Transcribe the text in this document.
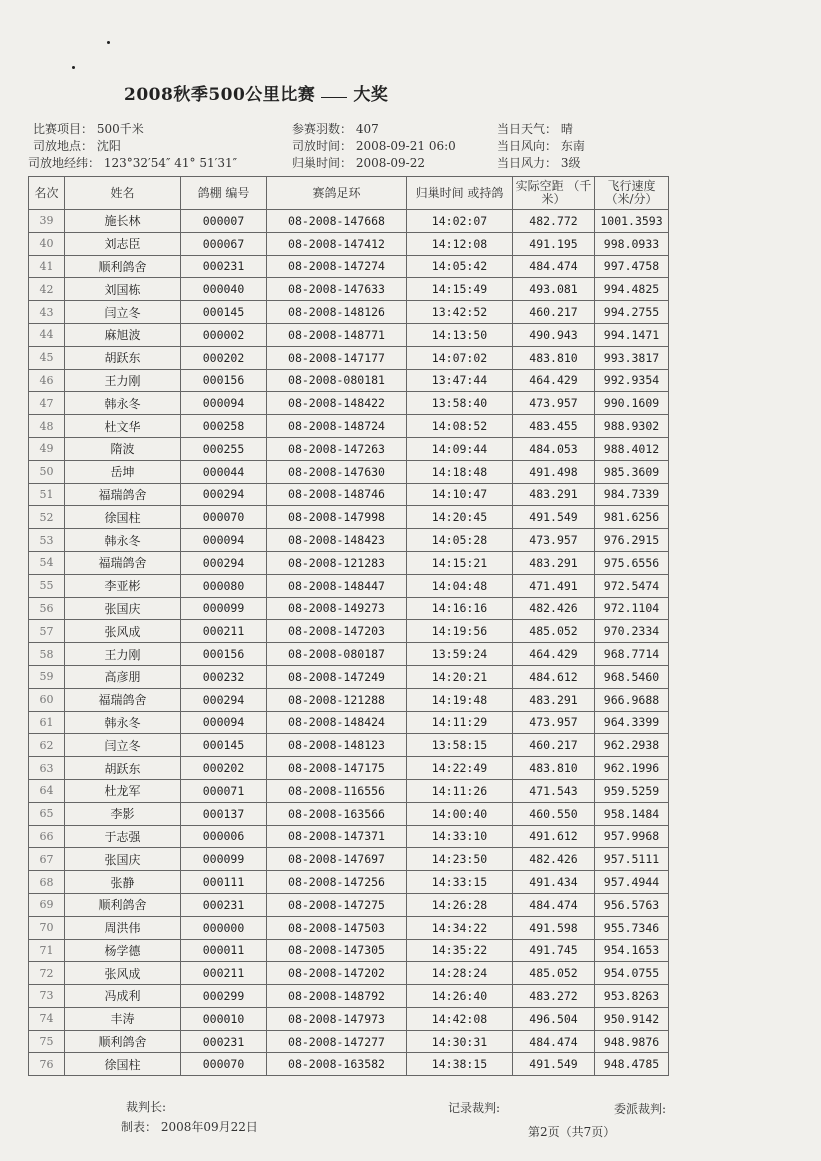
2008秋季500公里比赛 大奖
比赛项目： 500千米
司放地点： 沈阳
司放地经纬： 123°32′54″ 41° 51′31″
参赛羽数： 407
司放时间： 2008-09-21 06:0
归巢时间： 2008-09-22
当日天气： 晴
当日风向： 东南
当日风力： 3级
名次	姓名	鸽棚 编号	赛鸽足环	归巢时间 或持鸽	实际空距 （千米）	飞行速度 （米/分）
39	施长林	000007	08-2008-147668	14:02:07	482.772	1001.3593
40	刘志臣	000067	08-2008-147412	14:12:08	491.195	998.0933
41	顺利鸽舍	000231	08-2008-147274	14:05:42	484.474	997.4758
42	刘国栋	000040	08-2008-147633	14:15:49	493.081	994.4825
43	闫立冬	000145	08-2008-148126	13:42:52	460.217	994.2755
44	麻旭波	000002	08-2008-148771	14:13:50	490.943	994.1471
45	胡跃东	000202	08-2008-147177	14:07:02	483.810	993.3817
46	王力刚	000156	08-2008-080181	13:47:44	464.429	992.9354
47	韩永冬	000094	08-2008-148422	13:58:40	473.957	990.1609
48	杜文华	000258	08-2008-148724	14:08:52	483.455	988.9302
49	隋波	000255	08-2008-147263	14:09:44	484.053	988.4012
50	岳坤	000044	08-2008-147630	14:18:48	491.498	985.3609
51	福瑞鸽舍	000294	08-2008-148746	14:10:47	483.291	984.7339
52	徐国柱	000070	08-2008-147998	14:20:45	491.549	981.6256
53	韩永冬	000094	08-2008-148423	14:05:28	473.957	976.2915
54	福瑞鸽舍	000294	08-2008-121283	14:15:21	483.291	975.6556
55	李亚彬	000080	08-2008-148447	14:04:48	471.491	972.5474
56	张国庆	000099	08-2008-149273	14:16:16	482.426	972.1104
57	张风成	000211	08-2008-147203	14:19:56	485.052	970.2334
58	王力刚	000156	08-2008-080187	13:59:24	464.429	968.7714
59	高彦朋	000232	08-2008-147249	14:20:21	484.612	968.5460
60	福瑞鸽舍	000294	08-2008-121288	14:19:48	483.291	966.9688
61	韩永冬	000094	08-2008-148424	14:11:29	473.957	964.3399
62	闫立冬	000145	08-2008-148123	13:58:15	460.217	962.2938
63	胡跃东	000202	08-2008-147175	14:22:49	483.810	962.1996
64	杜龙军	000071	08-2008-116556	14:11:26	471.543	959.5259
65	李影	000137	08-2008-163566	14:00:40	460.550	958.1484
66	于志强	000006	08-2008-147371	14:33:10	491.612	957.9968
67	张国庆	000099	08-2008-147697	14:23:50	482.426	957.5111
68	张静	000111	08-2008-147256	14:33:15	491.434	957.4944
69	顺利鸽舍	000231	08-2008-147275	14:26:28	484.474	956.5763
70	周洪伟	000000	08-2008-147503	14:34:22	491.598	955.7346
71	杨学德	000011	08-2008-147305	14:35:22	491.745	954.1653
72	张风成	000211	08-2008-147202	14:28:24	485.052	954.0755
73	冯成利	000299	08-2008-148792	14:26:40	483.272	953.8263
74	丰涛	000010	08-2008-147973	14:42:08	496.504	950.9142
75	顺利鸽舍	000231	08-2008-147277	14:30:31	484.474	948.9876
76	徐国柱	000070	08-2008-163582	14:38:15	491.549	948.4785
裁判长:
制表： 2008年09月22日
记录裁判:	委派裁判:
第2页（共7页）
